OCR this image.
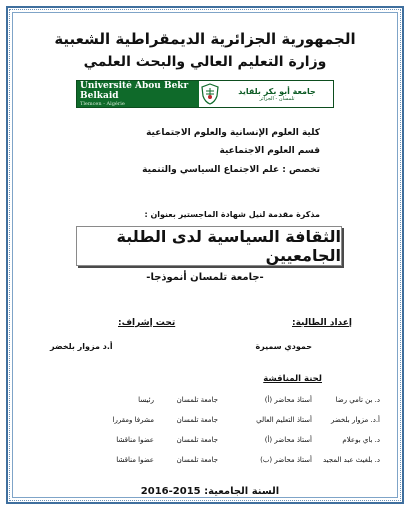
الجمهورية الجزائرية الديمقراطية الشعبية
وزارة التعليم العالي والبحث العلمي
Université Abou Bekr Belkaid
Tlemcen - Algérie
جامعة أبو بكر بلقايد
تلمسان - الجزائر
كلية العلوم الإنسانية والعلوم الاجتماعية
قسم العلوم الاجتماعية
تخصص : علم الاجتماع السياسي والتنمية
مذكرة مقدمة لنيل شهادة الماجستير بعنوان :
الثقافة السياسية لدى الطلبة الجامعيين
-جامعة تلمسان أنموذجا-
إعداد الطالبة:
تحت إشراف:
حمودي سميرة
أ.د مزوار بلخضر
لجنة المناقشة
د. بن تامي رضا
أستاذ محاضر (أ)
جامعة تلمسان
رئيسا
أ.د. مزوار بلخضر
أستاذ التعليم العالي
جامعة تلمسان
مشرفا ومقررا
د. باي بوعلام
أستاذ محاضر (أ)
جامعة تلمسان
عضوا مناقشا
د. بلغيث عبد المجيد
أستاذ محاضر (ب)
جامعة تلمسان
عضوا مناقشا
السنة الجامعية: 2015-2016
